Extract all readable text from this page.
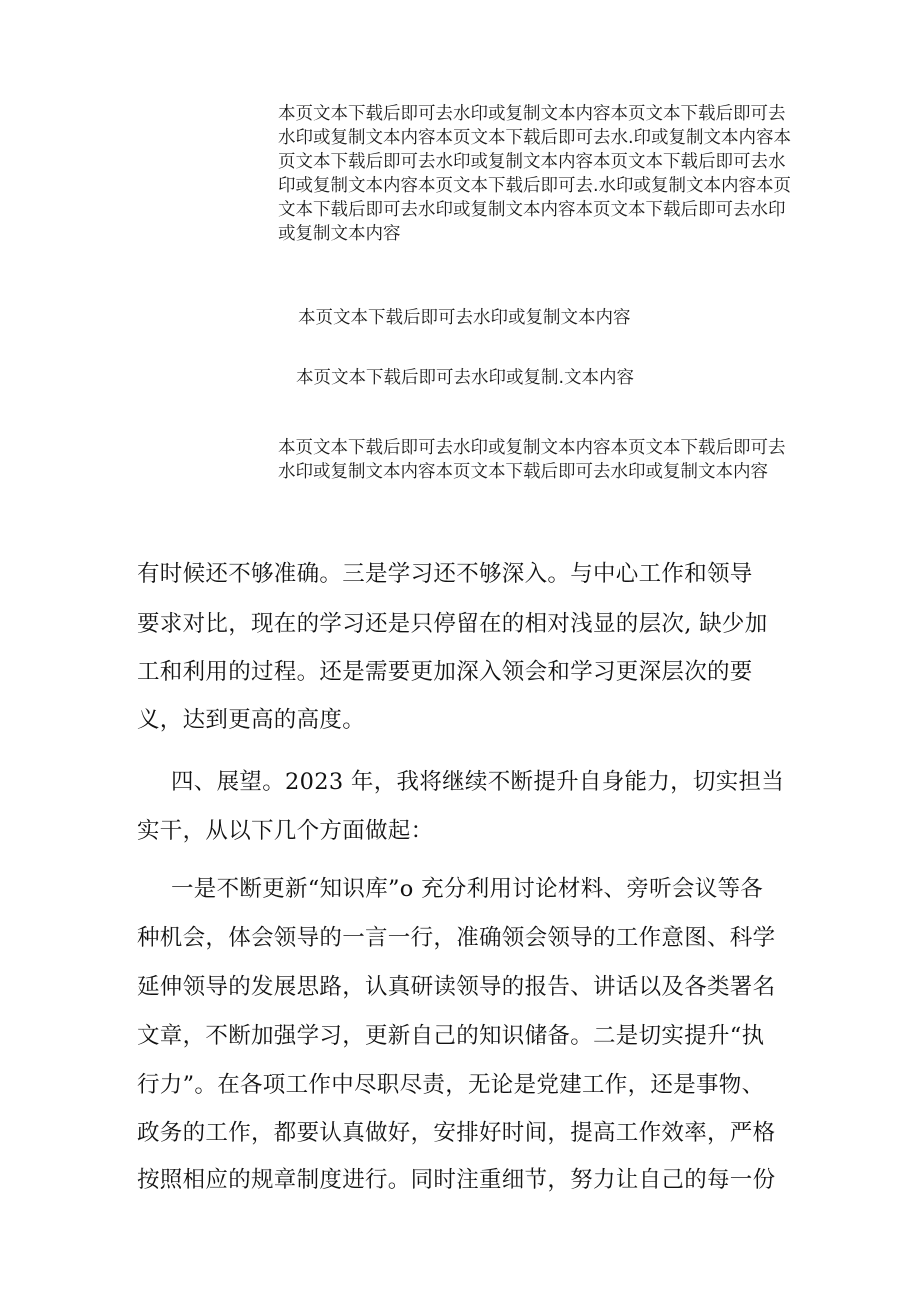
本页文本下载后即可去水印或复制文本内容本页文本下载后即可去
水印或复制文本内容本页文本下载后即可去水.印或复制文本内容本
页文本下载后即可去水印或复制文本内容本页文本下载后即可去水
印或复制文本内容本页文本下载后即可去.水印或复制文本内容本页
文本下载后即可去水印或复制文本内容本页文本下载后即可去水印
或复制文本内容
本页文本下载后即可去水印或复制文本内容
本页文本下载后即可去水印或复制.文本内容
本页文本下载后即可去水印或复制文本内容本页文本下载后即可去
水印或复制文本内容本页文本下载后即可去水印或复制文本内容
有时候还不够准确。三是学习还不够深入。与中心工作和领导
要求对比，现在的学习还是只停留在的相对浅显的层次, 缺少加
工和利用的过程。还是需要更加深入领会和学习更深层次的要
义，达到更高的高度。
四、展望。2023 年，我将继续不断提升自身能力，切实担当
实干，从以下几个方面做起：
一是不断更新“知识库”o 充分利用讨论材料、旁听会议等各
种机会，体会领导的一言一行，准确领会领导的工作意图、科学
延伸领导的发展思路，认真研读领导的报告、讲话以及各类署名
文章，不断加强学习，更新自己的知识储备。二是切实提升“执
行力”。在各项工作中尽职尽责，无论是党建工作，还是事物、
政务的工作，都要认真做好，安排好时间，提高工作效率，严格
按照相应的规章制度进行。同时注重细节，努力让自己的每一份
